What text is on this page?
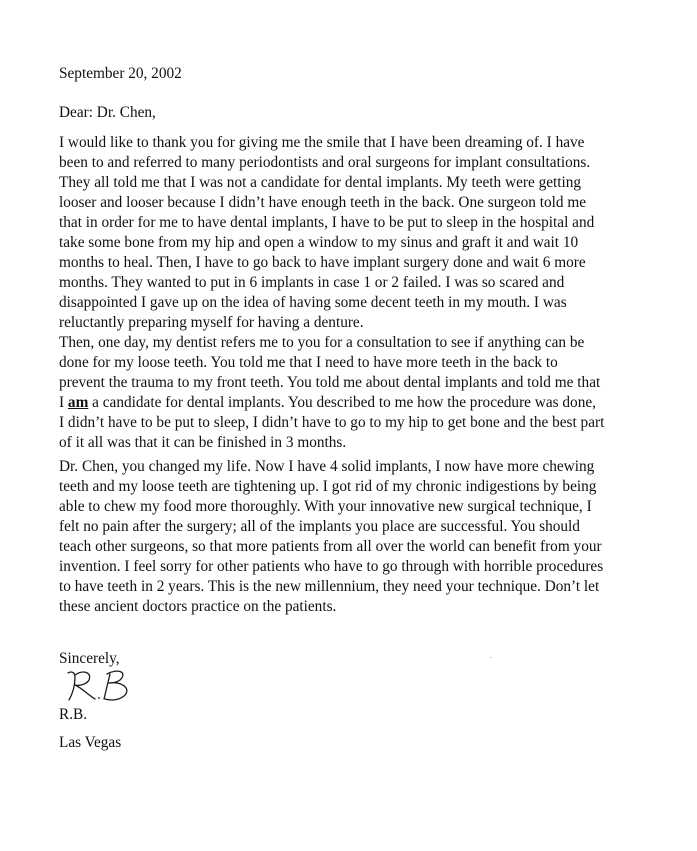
September 20, 2002
Dear: Dr. Chen,
I would like to thank you for giving me the smile that I have been dreaming of. I have
been to and referred to many periodontists and oral surgeons for implant consultations.
They all told me that I was not a candidate for dental implants. My teeth were getting
looser and looser because I didn’t have enough teeth in the back. One surgeon told me
that in order for me to have dental implants, I have to be put to sleep in the hospital and
take some bone from my hip and open a window to my sinus and graft it and wait 10
months to heal. Then, I have to go back to have implant surgery done and wait 6 more
months. They wanted to put in 6 implants in case 1 or 2 failed. I was so scared and
disappointed I gave up on the idea of having some decent teeth in my mouth. I was
reluctantly preparing myself for having a denture.
Then, one day, my dentist refers me to you for a consultation to see if anything can be
done for my loose teeth. You told me that I need to have more teeth in the back to
prevent the trauma to my front teeth. You told me about dental implants and told me that
I am a candidate for dental implants. You described to me how the procedure was done,
I didn’t have to be put to sleep, I didn’t have to go to my hip to get bone and the best part
of it all was that it can be finished in 3 months.
Dr. Chen, you changed my life. Now I have 4 solid implants, I now have more chewing
teeth and my loose teeth are tightening up. I got rid of my chronic indigestions by being
able to chew my food more thoroughly. With your innovative new surgical technique, I
felt no pain after the surgery; all of the implants you place are successful. You should
teach other surgeons, so that more patients from all over the world can benefit from your
invention. I feel sorry for other patients who have to go through with horrible procedures
to have teeth in 2 years. This is the new millennium, they need your technique. Don’t let
these ancient doctors practice on the patients.
Sincerely,
R.B.
Las Vegas
